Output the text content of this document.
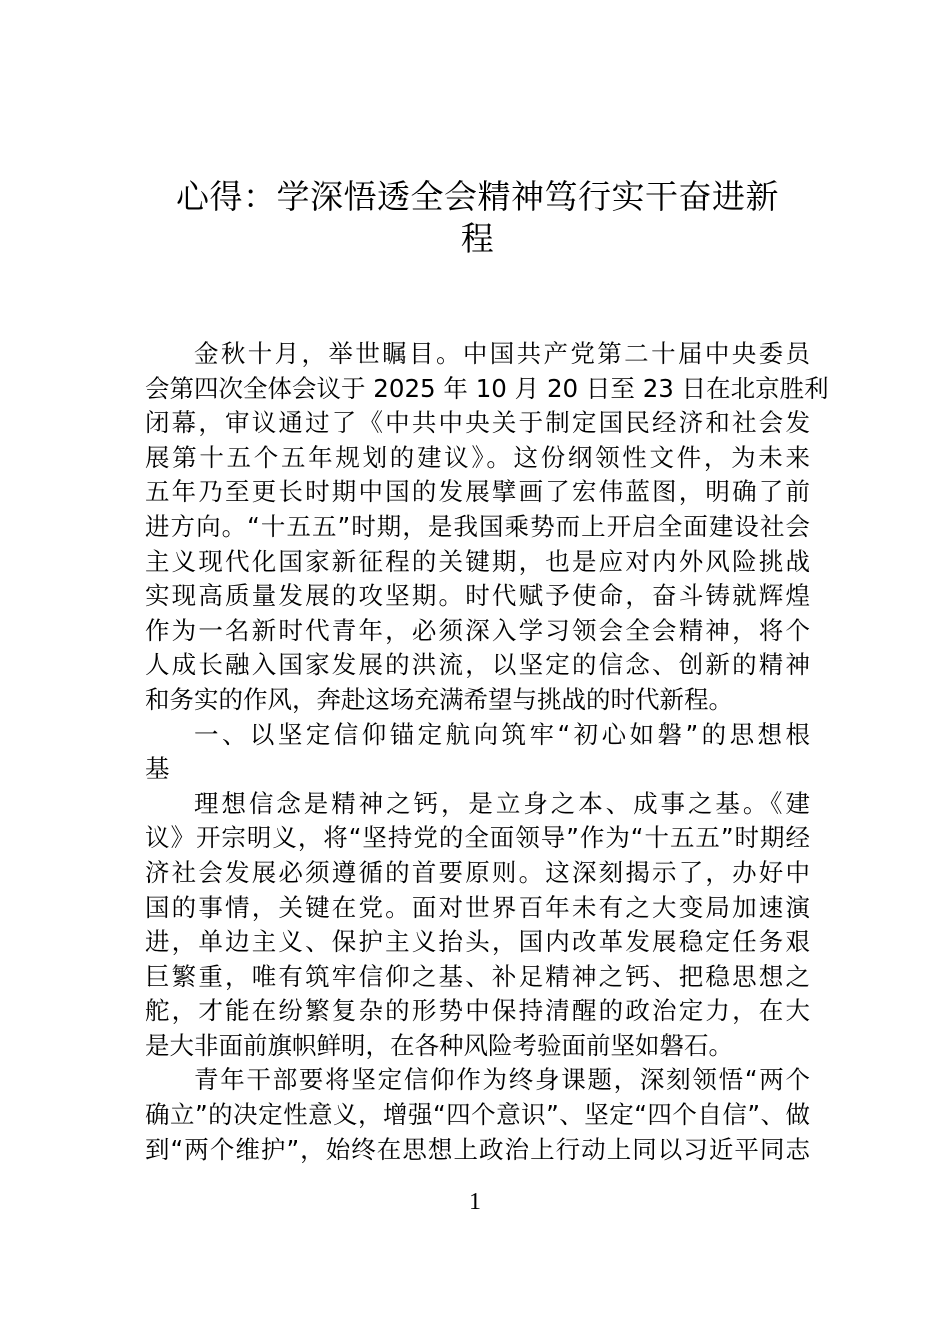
心得：学深悟透全会精神笃行实干奋进新
程
金秋十月，举世瞩目。中国共产党第二十届中央委员
会第四次全体会议于 2025 年 10 月 20 日至 23 日在北京胜利
闭幕，审议通过了《中共中央关于制定国民经济和社会发
展第十五个五年规划的建议》。这份纲领性文件，为未来
五年乃至更长时期中国的发展擘画了宏伟蓝图，明确了前
进方向。“十五五”时期，是我国乘势而上开启全面建设社会
主义现代化国家新征程的关键期，也是应对内外风险挑战
实现高质量发展的攻坚期。时代赋予使命，奋斗铸就辉煌
作为一名新时代青年，必须深入学习领会全会精神，将个
人成长融入国家发展的洪流，以坚定的信念、创新的精神
和务实的作风，奔赴这场充满希望与挑战的时代新程。
一、以坚定信仰锚定航向筑牢“初心如磐”的思想根
基
理想信念是精神之钙，是立身之本、成事之基。《建
议》开宗明义，将“坚持党的全面领导”作为“十五五”时期经
济社会发展必须遵循的首要原则。这深刻揭示了，办好中
国的事情，关键在党。面对世界百年未有之大变局加速演
进，单边主义、保护主义抬头，国内改革发展稳定任务艰
巨繁重，唯有筑牢信仰之基、补足精神之钙、把稳思想之
舵，才能在纷繁复杂的形势中保持清醒的政治定力，在大
是大非面前旗帜鲜明，在各种风险考验面前坚如磐石。
青年干部要将坚定信仰作为终身课题，深刻领悟“两个
确立”的决定性意义，增强“四个意识”、坚定“四个自信”、做
到“两个维护”，始终在思想上政治上行动上同以习近平同志
1
